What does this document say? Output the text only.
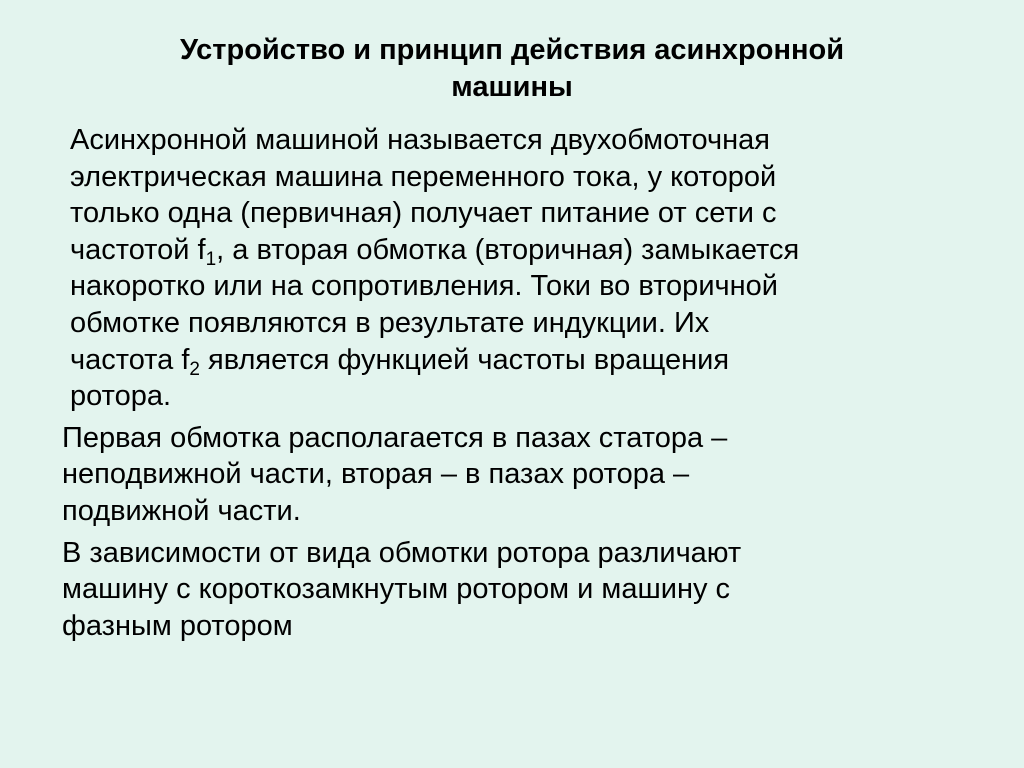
Устройство и принцип действия асинхронной
машины

Асинхронной машиной называется двухобмоточная
электрическая машина переменного тока, у которой
только одна (первичная) получает питание от сети с
частотой $f_1$, а вторая обмотка (вторичная) замыкается
накоротко или на сопротивления. Токи во вторичной
обмотке появляются в результате индукции. Их
частота $f_2$ является функцией частоты вращения
ротора.

Первая обмотка располагается в пазах статора –
неподвижной части, вторая – в пазах ротора –
подвижной части.

В зависимости от вида обмотки ротора различают
машину с короткозамкнутым ротором и машину с
фазным ротором
